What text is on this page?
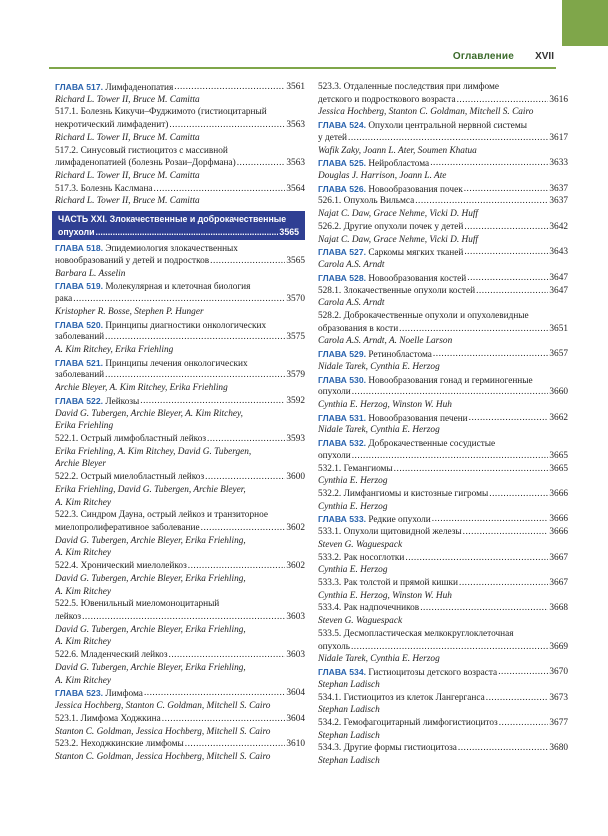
Оглавление XVII
ГЛАВА 517. Лимфаденопатия .....	3561
Richard L. Tower II, Bruce M. Camitta
517.1. Болезнь Кикучи–Фуджимото (гистиоцитарный
некротический лимфаденит) .....	3563
Richard L. Tower II, Bruce M. Camitta
517.2. Синусовый гистиоцитоз с массивной
лимфаденопатией (болезнь Розаи–Дорфмана) .....	3563
Richard L. Tower II, Bruce M. Camitta
517.3. Болезнь Каслмана .....	3564
Richard L. Tower II, Bruce M. Camitta
ЧАСТЬ XXI. Злокачественные и доброкачественные
опухоли .....	3565
ГЛАВА 518. Эпидемиология злокачественных
новообразований у детей и подростков .....	3565
Barbara L. Asselin
ГЛАВА 519. Молекулярная и клеточная биология
рака .....	3570
Kristopher R. Bosse, Stephen P. Hunger
ГЛАВА 520. Принципы диагностики онкологических
заболеваний .....	3575
A. Kim Ritchey, Erika Friehling
ГЛАВА 521. Принципы лечения онкологических
заболеваний .....	3579
Archie Bleyer, A. Kim Ritchey, Erika Friehling
ГЛАВА 522. Лейкозы .....	3592
David G. Tubergen, Archie Bleyer, A. Kim Ritchey,
Erika Friehling
522.1. Острый лимфобластный лейкоз .....	3593
Erika Friehling, A. Kim Ritchey, David G. Tubergen,
Archie Bleyer
522.2. Острый миелобластный лейкоз .....	3600
Erika Friehling, David G. Tubergen, Archie Bleyer,
A. Kim Ritchey
522.3. Синдром Дауна, острый лейкоз и транзиторное
миелопролиферативное заболевание .....	3602
David G. Tubergen, Archie Bleyer, Erika Friehling,
A. Kim Ritchey
522.4. Хронический миелолейкоз .....	3602
David G. Tubergen, Archie Bleyer, Erika Friehling,
A. Kim Ritchey
522.5. Ювенильный миеломоноцитарный
лейкоз .....	3603
David G. Tubergen, Archie Bleyer, Erika Friehling,
A. Kim Ritchey
522.6. Младенческий лейкоз .....	3603
David G. Tubergen, Archie Bleyer, Erika Friehling,
A. Kim Ritchey
ГЛАВА 523. Лимфома .....	3604
Jessica Hochberg, Stanton C. Goldman, Mitchell S. Cairo
523.1. Лимфома Ходжкина .....	3604
Stanton C. Goldman, Jessica Hochberg, Mitchell S. Cairo
523.2. Неходжкинские лимфомы .....	3610
Stanton C. Goldman, Jessica Hochberg, Mitchell S. Cairo
523.3. Отдаленные последствия при лимфоме
детского и подросткового возраста .....	3616
Jessica Hochberg, Stanton C. Goldman, Mitchell S. Cairo
ГЛАВА 524. Опухоли центральной нервной системы
у детей .....	3617
Wafik Zaky, Joann L. Ater, Soumen Khatua
ГЛАВА 525. Нейробластома .....	3633
Douglas J. Harrison, Joann L. Ate
ГЛАВА 526. Новообразования почек .....	3637
526.1. Опухоль Вильмса .....	3637
Najat C. Daw, Grace Nehme, Vicki D. Huff
526.2. Другие опухоли почек у детей .....	3642
Najat C. Daw, Grace Nehme, Vicki D. Huff
ГЛАВА 527. Саркомы мягких тканей .....	3643
Carola A.S. Arndt
ГЛАВА 528. Новообразования костей .....	3647
528.1. Злокачественные опухоли костей .....	3647
Carola A.S. Arndt
528.2. Доброкачественные опухоли и опухолевидные
образования в кости .....	3651
Carola A.S. Arndt, A. Noelle Larson
ГЛАВА 529. Ретинобластома .....	3657
Nidale Tarek, Cynthia E. Herzog
ГЛАВА 530. Новообразования гонад и герминогенные
опухоли .....	3660
Cynthia E. Herzog, Winston W. Huh
ГЛАВА 531. Новообразования печени .....	3662
Nidale Tarek, Cynthia E. Herzog
ГЛАВА 532. Доброкачественные сосудистые
опухоли .....	3665
532.1. Гемангиомы .....	3665
Cynthia E. Herzog
532.2. Лимфангиомы и кистозные гигромы .....	3666
Cynthia E. Herzog
ГЛАВА 533. Редкие опухоли .....	3666
533.1. Опухоли щитовидной железы .....	3666
Steven G. Waguespack
533.2. Рак носоглотки .....	3667
Cynthia E. Herzog
533.3. Рак толстой и прямой кишки .....	3667
Cynthia E. Herzog, Winston W. Huh
533.4. Рак надпочечников .....	3668
Steven G. Waguespack
533.5. Десмопластическая мелкокруглоклеточная
опухоль .....	3669
Nidale Tarek, Cynthia E. Herzog
ГЛАВА 534. Гистиоцитозы детского возраста .....	3670
Stephan Ladisch
534.1. Гистиоцитоз из клеток Лангерганса .....	3673
Stephan Ladisch
534.2. Гемофагоцитарный лимфогистиоцитоз .....	3677
Stephan Ladisch
534.3. Другие формы гистиоцитоза .....	3680
Stephan Ladisch
